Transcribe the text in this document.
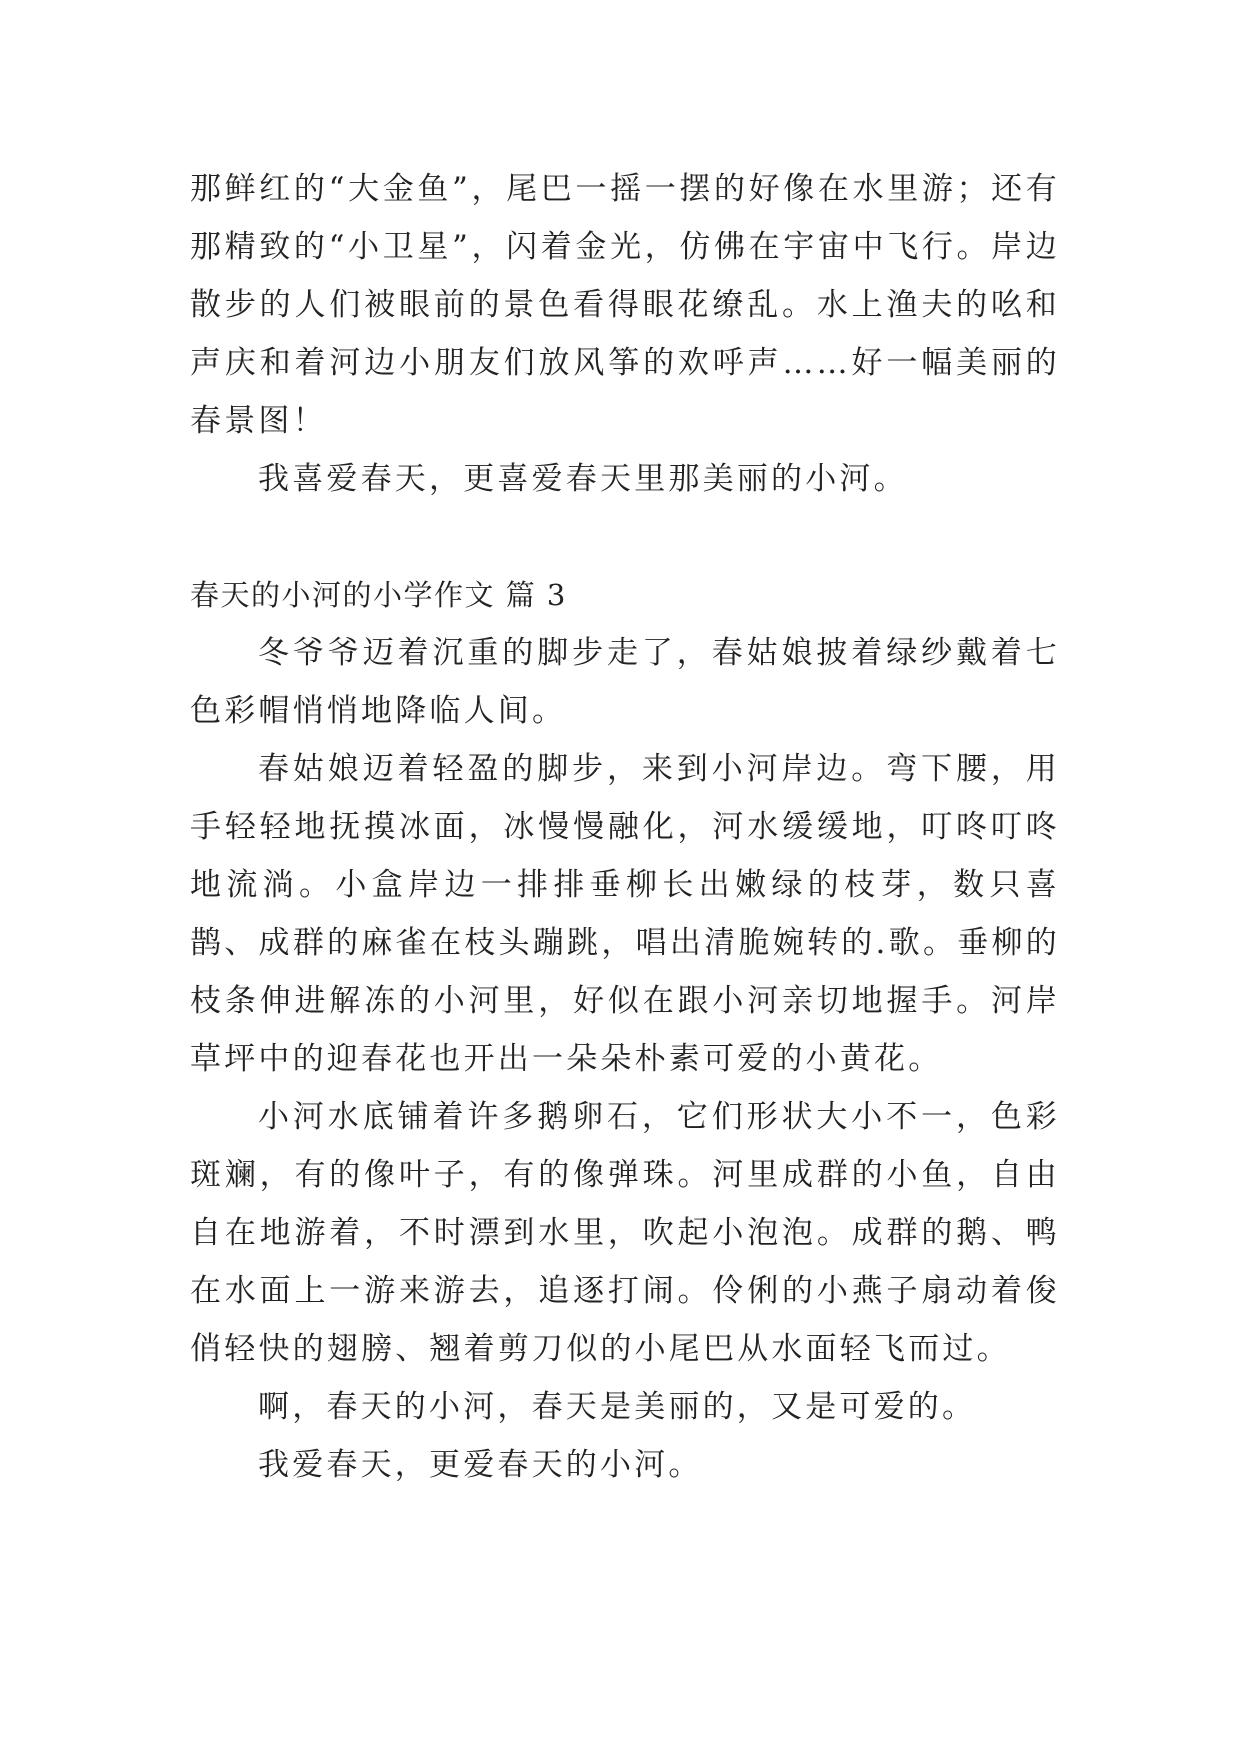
那鲜红的“大金鱼”，尾巴一摇一摆的好像在水里游；还有那精致的“小卫星”，闪着金光，仿佛在宇宙中飞行。岸边散步的人们被眼前的景色看得眼花缭乱。水上渔夫的吆和声庆和着河边小朋友们放风筝的欢呼声……好一幅美丽的春景图！

我喜爱春天，更喜爱春天里那美丽的小河。

春天的小河的小学作文 篇 3

冬爷爷迈着沉重的脚步走了，春姑娘披着绿纱戴着七色彩帽悄悄地降临人间。

春姑娘迈着轻盈的脚步，来到小河岸边。弯下腰，用手轻轻地抚摸冰面，冰慢慢融化，河水缓缓地，叮咚叮咚地流淌。小盒岸边一排排垂柳长出嫩绿的枝芽，数只喜鹊、成群的麻雀在枝头蹦跳，唱出清脆婉转的.歌。垂柳的枝条伸进解冻的小河里，好似在跟小河亲切地握手。河岸草坪中的迎春花也开出一朵朵朴素可爱的小黄花。

小河水底铺着许多鹅卵石，它们形状大小不一，色彩斑斓，有的像叶子，有的像弹珠。河里成群的小鱼，自由自在地游着，不时漂到水里，吹起小泡泡。成群的鹅、鸭在水面上一游来游去，追逐打闹。伶俐的小燕子扇动着俊俏轻快的翅膀、翘着剪刀似的小尾巴从水面轻飞而过。

啊，春天的小河，春天是美丽的，又是可爱的。

我爱春天，更爱春天的小河。
